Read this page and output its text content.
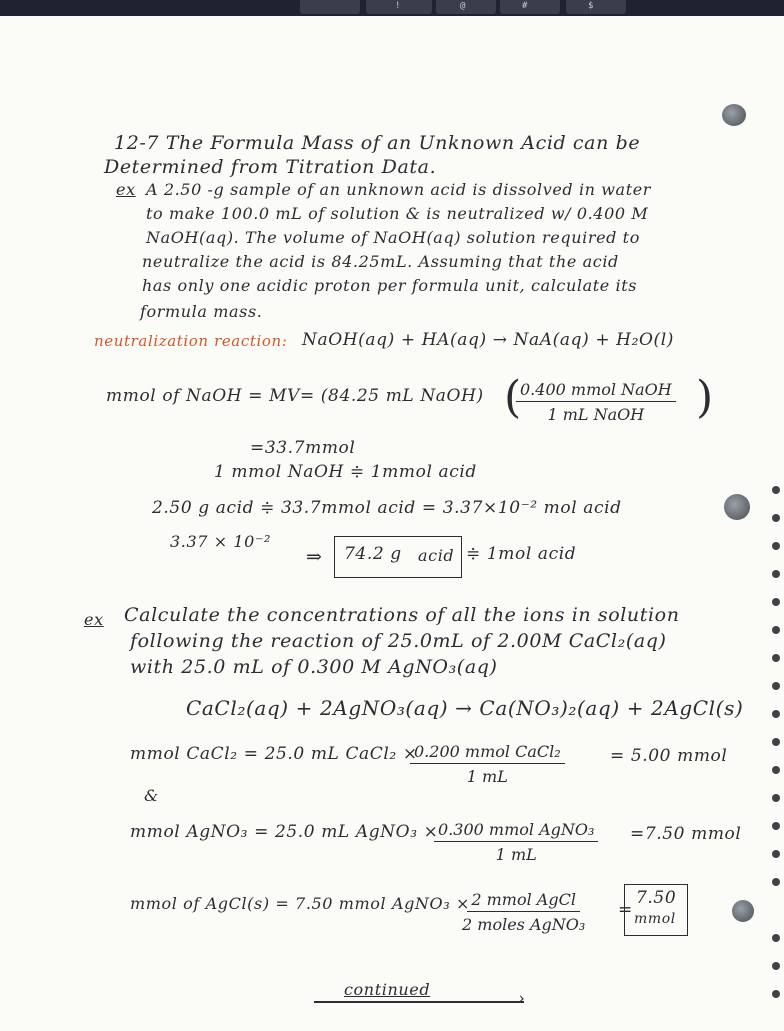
!	@	#	$
12-7 The Formula Mass of an Unknown Acid can be
Determined from Titration Data.
ex A 2.50 -g sample of an unknown acid is dissolved in water
to make 100.0 mL of solution & is neutralized w/ 0.400 M
NaOH(aq). The volume of NaOH(aq) solution required to
neutralize the acid is 84.25mL. Assuming that the acid
has only one acidic proton per formula unit, calculate its
formula mass.
neutralization reaction: NaOH(aq) + HA(aq) → NaA(aq) + H₂O(l)
mmol of NaOH = MV= (84.25 mL NaOH) (
0.400 mmol NaOH
1 mL NaOH )
=33.7mmol
1 mmol NaOH ≑ 1mmol acid
2.50 g acid ≑ 33.7mmol acid = 3.37×10⁻² mol acid
3.37 × 10⁻²
⇒ 74.2 g acid ≑ 1mol acid
ex Calculate the concentrations of all the ions in solution
following the reaction of 25.0mL of 2.00M CaCl₂(aq)
with 25.0 mL of 0.300 M AgNO₃(aq)
CaCl₂(aq) + 2AgNO₃(aq) → Ca(NO₃)₂(aq) + 2AgCl(s)
mmol CaCl₂ = 25.0 mL CaCl₂ ×
0.200 mmol CaCl₂
1 mL
= 5.00 mmol
&
mmol AgNO₃ = 25.0 mL AgNO₃ × 0.300 mmol AgNO₃
1 mL
=7.50 mmol
mmol of AgCl(s) = 7.50 mmol AgNO₃ × 2 mmol AgCl
2 moles AgNO₃
=
7.50
mmol
continued	›
